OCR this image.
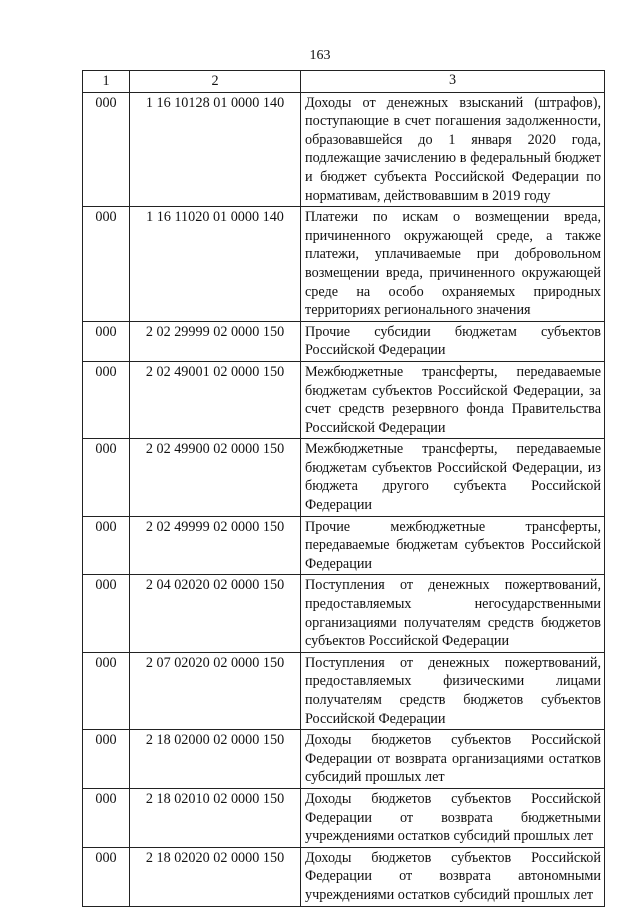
163
1	2	3
000	1 16 10128 01 0000 140	Доходы от денежных взысканий (штрафов), поступающие в счет погашения задолженности, образовавшейся до 1 января 2020 года, подлежащие зачислению в федеральный бюджет и бюджет субъекта Российской Федерации по нормативам, действовавшим в 2019 году
000	1 16 11020 01 0000 140	Платежи по искам о возмещении вреда, причиненного окружающей среде, а также платежи, уплачиваемые при добровольном возмещении вреда, причиненного окружающей среде на особо охраняемых природных территориях регионального значения
000	2 02 29999 02 0000 150	Прочие субсидии бюджетам субъектов Российской Федерации
000	2 02 49001 02 0000 150	Межбюджетные трансферты, передаваемые бюджетам субъектов Российской Федерации, за счет средств резервного фонда Правительства Российской Федерации
000	2 02 49900 02 0000 150	Межбюджетные трансферты, передаваемые бюджетам субъектов Российской Федерации, из бюджета другого субъекта Российской Федерации
000	2 02 49999 02 0000 150	Прочие межбюджетные трансферты, передаваемые бюджетам субъектов Российской Федерации
000	2 04 02020 02 0000 150	Поступления от денежных пожертвований, предоставляемых негосударственными организациями получателям средств бюджетов субъектов Российской Федерации
000	2 07 02020 02 0000 150	Поступления от денежных пожертвований, предоставляемых физическими лицами получателям средств бюджетов субъектов Российской Федерации
000	2 18 02000 02 0000 150	Доходы бюджетов субъектов Российской Федерации от возврата организациями остатков субсидий прошлых лет
000	2 18 02010 02 0000 150	Доходы бюджетов субъектов Российской Федерации от возврата бюджетными учреждениями остатков субсидий прошлых лет
000	2 18 02020 02 0000 150	Доходы бюджетов субъектов Российской Федерации от возврата автономными учреждениями остатков субсидий прошлых лет
